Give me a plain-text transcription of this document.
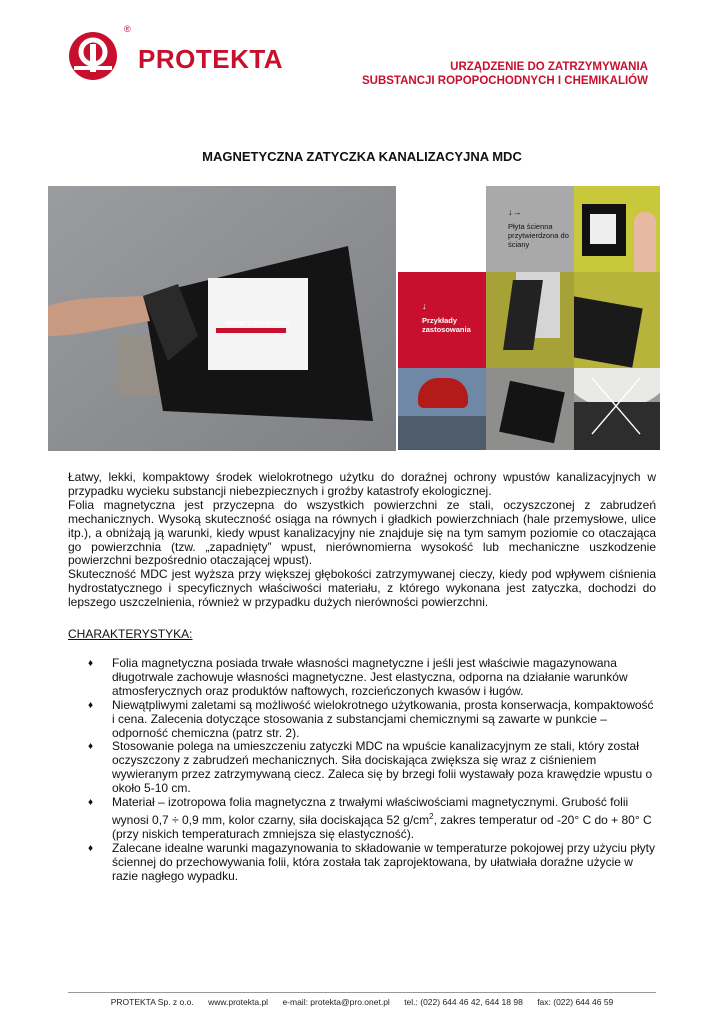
®
PROTEKTA	URZĄDZENIE DO ZATRZYMYWANIA
SUBSTANCJI ROPOPOCHODNYCH I CHEMIKALIÓW
MAGNETYCZNA ZATYCZKA KANALIZACYJNA MDC
MAGNETIC DRAIN COVER
↓→
Płyta ścienna przytwierdzona do ściany
↓
Przykłady zastosowania

Łatwy, lekki, kompaktowy środek wielokrotnego użytku do doraźnej ochrony wpustów kanalizacyjnych w przypadku wycieku substancji niebezpiecznych i groźby katastrofy ekologicznej.

Folia magnetyczna jest przyczepna do wszystkich powierzchni ze stali, oczyszczonej z zabrudzeń mechanicznych. Wysoką skuteczność osiąga na równych i gładkich powierzchniach (hale przemysłowe, ulice itp.), a obniżają ją warunki, kiedy wpust kanalizacyjny nie znajduje się na tym samym poziomie co otaczająca go powierzchnia (tzw. „zapadnięty” wpust, nierównomierna wysokość lub mechaniczne uszkodzenie powierzchni bezpośrednio otaczającej wpust).

Skuteczność MDC jest wyższa przy większej głębokości zatrzymywanej cieczy, kiedy pod wpływem ciśnienia hydrostatycznego i specyficznych właściwości materiału, z którego wykonana jest zatyczka, dochodzi do lepszego uszczelnienia, również w przypadku dużych nierówności powierzchni.

CHARAKTERYSTYKA:
♦ Folia magnetyczna posiada trwałe własności magnetyczne i jeśli jest właściwie magazynowana długotrwale zachowuje własności magnetyczne. Jest elastyczna, odporna na działanie warunków atmosferycznych oraz produktów naftowych, rozcieńczonych kwasów i ługów.
♦ Niewątpliwymi zaletami są możliwość wielokrotnego użytkowania, prosta konserwacja, kompaktowość i cena. Zalecenia dotyczące stosowania z substancjami chemicznymi są zawarte w punkcie – odporność chemiczna (patrz str. 2).
♦ Stosowanie polega na umieszczeniu zatyczki MDC na wpuście kanalizacyjnym ze stali, który został oczyszczony z zabrudzeń mechanicznych. Siła dociskająca zwiększa się wraz z ciśnieniem wywieranym przez zatrzymywaną ciecz. Zaleca się by brzegi folii wystawały poza krawędzie wpustu o około 5-10 cm.
♦ Materiał – izotropowa folia magnetyczna z trwałymi właściwościami magnetycznymi. Grubość folii wynosi 0,7 ÷ 0,9 mm, kolor czarny, siła dociskająca 52 $g/cm^2$, zakres temperatur od -20° C do + 80° C (przy niskich temperaturach zmniejsza się elastyczność).
♦ Zalecane idealne warunki magazynowania to składowanie w temperaturze pokojowej przy użyciu płyty ściennej do przechowywania folii, która została tak zaprojektowana, by ułatwiała doraźne użycie w razie nagłego wypadku.
PROTEKTA Sp. z o.o. www.protekta.pl e-mail: protekta@pro.onet.pl tel.: (022) 644 46 42, 644 18 98 fax: (022) 644 46 59
